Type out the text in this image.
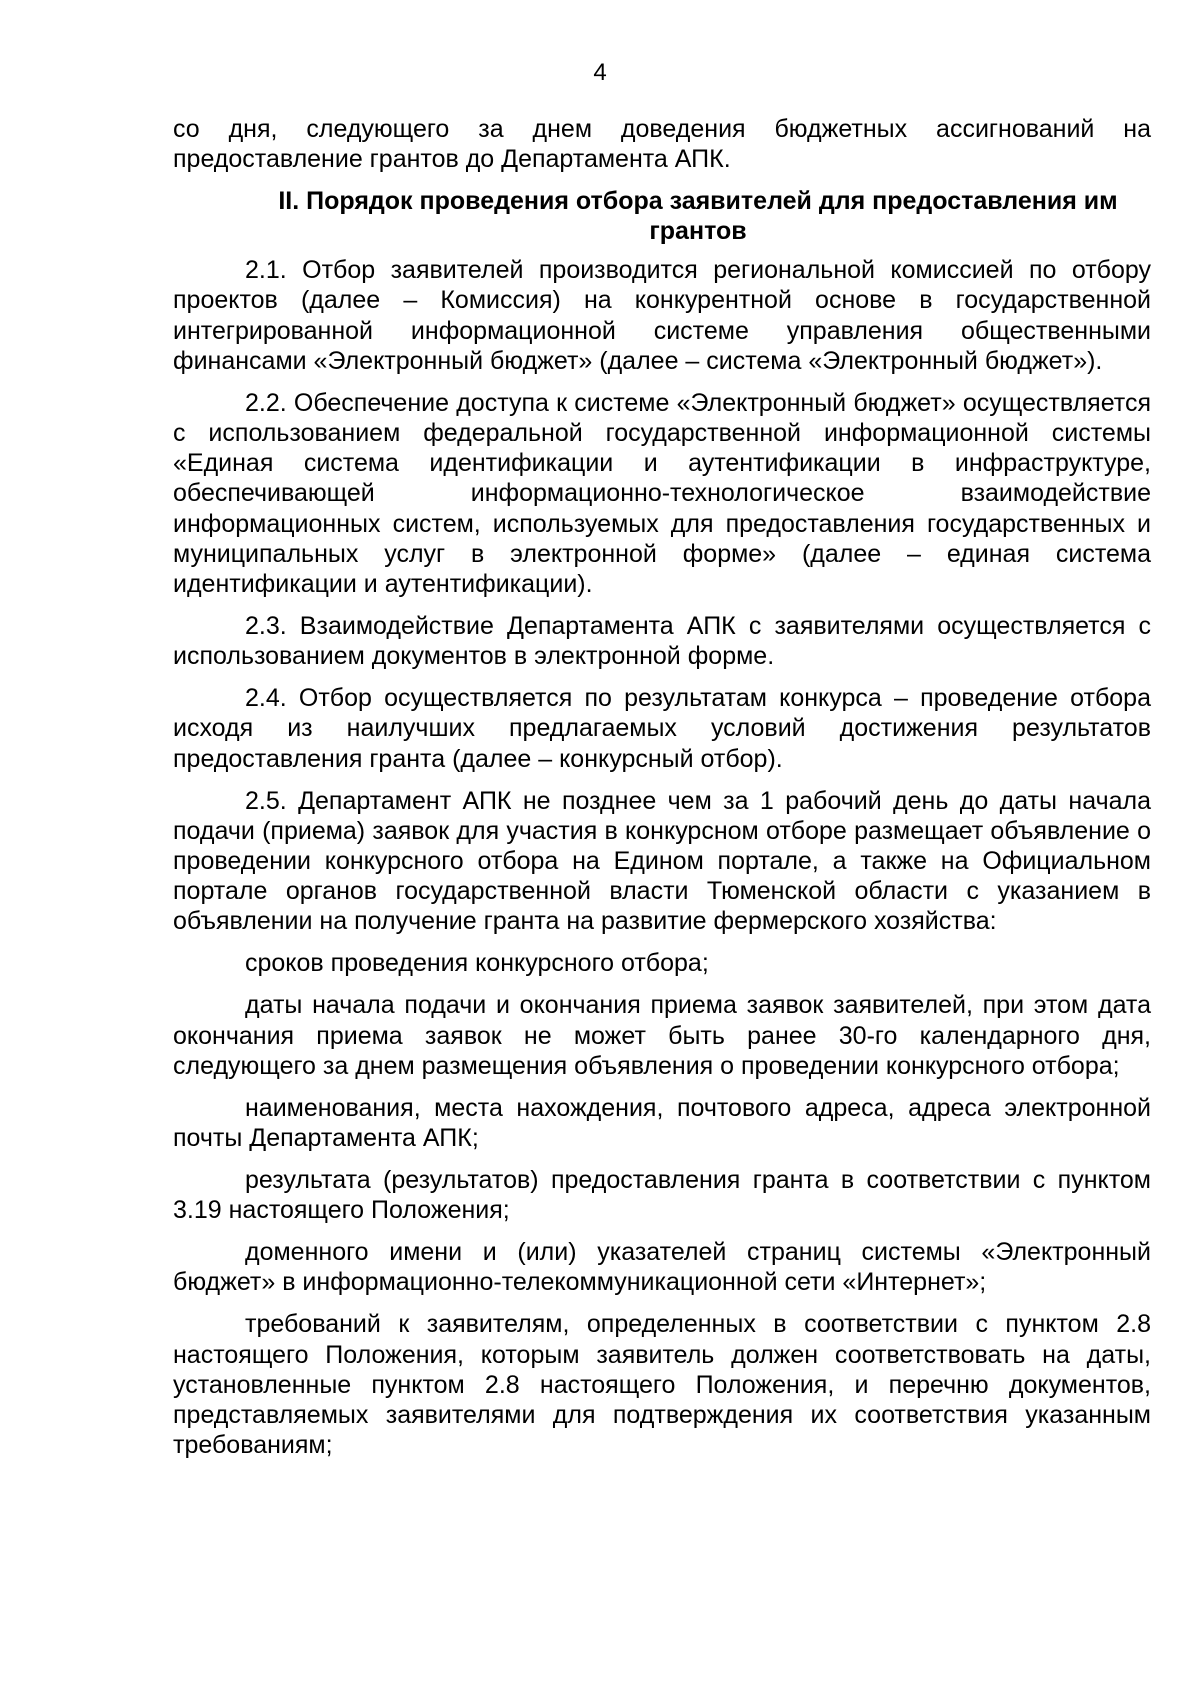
4

со дня, следующего за днем доведения бюджетных ассигнований на предоставление грантов до Департамента АПК.

II. Порядок проведения отбора заявителей для предоставления им грантов

2.1. Отбор заявителей производится региональной комиссией по отбору проектов (далее – Комиссия) на конкурентной основе в государственной интегрированной информационной системе управления общественными финансами «Электронный бюджет» (далее – система «Электронный бюджет»).

2.2. Обеспечение доступа к системе «Электронный бюджет» осуществляется с использованием федеральной государственной информационной системы «Единая система идентификации и аутентификации в инфраструктуре, обеспечивающей информационно-технологическое взаимодействие информационных систем, используемых для предоставления государственных и муниципальных услуг в электронной форме» (далее – единая система идентификации и аутентификации).

2.3. Взаимодействие Департамента АПК с заявителями осуществляется с использованием документов в электронной форме.

2.4. Отбор осуществляется по результатам конкурса – проведение отбора исходя из наилучших предлагаемых условий достижения результатов предоставления гранта (далее – конкурсный отбор).

2.5. Департамент АПК не позднее чем за 1 рабочий день до даты начала подачи (приема) заявок для участия в конкурсном отборе размещает объявление о проведении конкурсного отбора на Едином портале, а также на Официальном портале органов государственной власти Тюменской области с указанием в объявлении на получение гранта на развитие фермерского хозяйства:

сроков проведения конкурсного отбора;

даты начала подачи и окончания приема заявок заявителей, при этом дата окончания приема заявок не может быть ранее 30-го календарного дня, следующего за днем размещения объявления о проведении конкурсного отбора;

наименования, места нахождения, почтового адреса, адреса электронной почты Департамента АПК;

результата (результатов) предоставления гранта в соответствии с пунктом 3.19 настоящего Положения;

доменного имени и (или) указателей страниц системы «Электронный бюджет» в информационно-телекоммуникационной сети «Интернет»;

требований к заявителям, определенных в соответствии с пунктом 2.8 настоящего Положения, которым заявитель должен соответствовать на даты, установленные пунктом 2.8 настоящего Положения, и перечню документов, представляемых заявителями для подтверждения их соответствия указанным требованиям;
